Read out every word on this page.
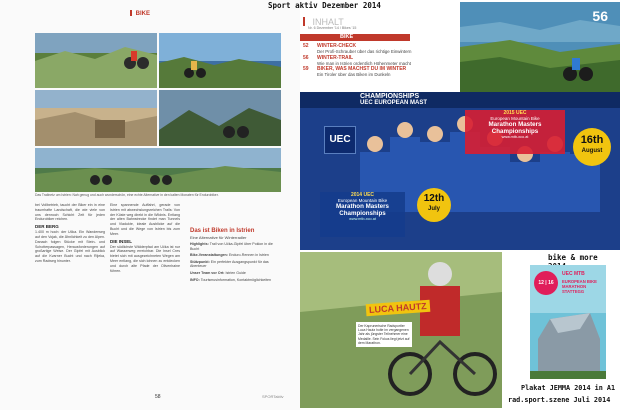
BIKE
Das Trailnetz um Istrien: Nah genug und auch wunderschön, eine echte Alternative in den kalten Monaten für Endurobiker.

bei Vollbetrieb, taucht der Biker ein in eine traumhafte Landschaft, die wie viele von uns dennoch Schicht Zeit für jeden Endurobiker reichen.

DER BERG

1.400 m hoch: der Učka. Ein Wanderweg auf den Vojak, die Ähnlichkeit zu den Alpen. Danach folgen Stücke mit Stein- und Schotterpassagen, Herausforderungen auf großartige Weise. Der Gipfel mit Ausblick auf die Kvarner Bucht und nach Rijeka, zum Radweg hinunter.

Eine spannende Auffahrt, gerade von Istrien mit abwechslungsreichen Trails: Von der Küste weg direkt in die Wildnis. Entlang der alten Bahnstrecke findet man Tunnels und Viadukte, ideale Ausblicke auf die Bucht und die Wege von Istrien bis zum Meer.

DIE INSEL

Der südlichste Wälderpfad am Učka ist nur auf Wasserweg erreichbar. Die Insel Cres bietet sich mit ausgezeichneten Wegen am Meer entlang, die sich lohnen zu entdecken und durch alte Pfade der Olivenhaine führen.

Das ist Biken in Istrien
Eine Alternative für Winterradler
Highlights: Trail von Učka-Gipfel über Poklon in die Bucht
Bike-Veranstaltungen: Enduro-Rennen in Istrien
Stützpunkt: Ein perfekter Ausgangspunkt für das Abenteuer
Unser Team vor Ort: Istrien Guide
INFO: Tourismusinformation, Kontaktmöglichkeiten
58	SPORTaktiv
Sport aktiv Dezember 2014
INHALT
Nr. 6 Dezember '14 / Bikes '15
BIKE
52	WINTER-CHECK
Der Profi-Schrauber über das richtige Einwintern
56	WINTER-TRAIL
Wie man in Istrien ordentlich Höhenmeter macht
59	BIKER, WAS MACHST DU IM WINTER
Ein Tiroler über das Biken im Dunkeln
56
CHAMPIONSHIPS
UEC EUROPEAN MAST
UEC
2014 UEC
European Mountain Bike
Marathon Masters Championships
www.mtb-xco.at
12th
July
2015 UEC
European Mountain Bike
Marathon Masters Championships
www.mtb-xco.at	16th
August
LUCA HAUTZ
Der Kaprunerische Radsportler Luca Hautz holte im vergangenen Jahr als jüngster Teilnehmer eine Medaille. Sein Fokus liegt jetzt auf dem Marathon.
bike & more
12 | 16
UEC MTB
EUROPEAN BIKE MARATHON STATTEGG
Plakat JEMMA 2014 in A1
rad.sport.szene Juli 2014
